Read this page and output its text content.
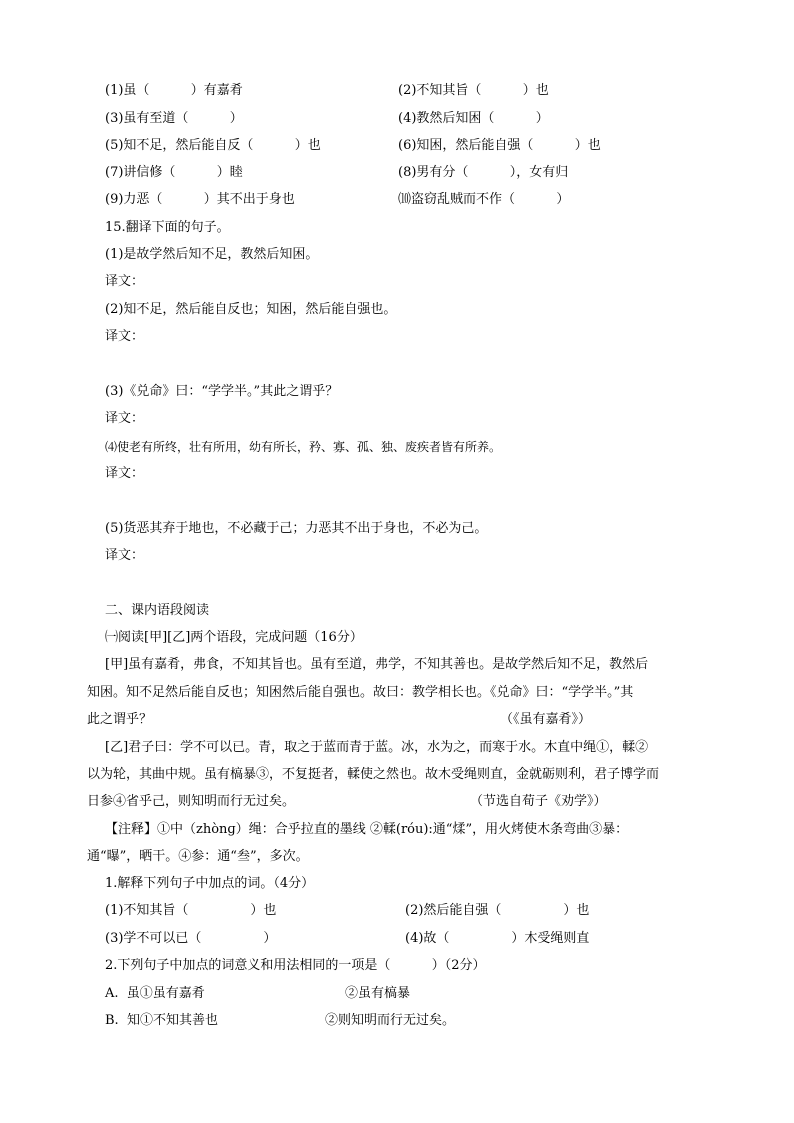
(1)虽（          ）有嘉肴	(2)不知其旨（          ）也
(3)虽有至道（          ）	(4)教然后知困（          ）
(5)知不足，然后能自反（          ）也	(6)知困，然后能自强（          ）也
(7)讲信修（          ）睦	(8)男有分（          ），女有归
(9)力恶（          ）其不出于身也	⑽盗窃乱贼而不作（          ）
15.翻译下面的句子。
(1)是故学然后知不足，教然后知困。
译文：
(2)知不足，然后能自反也；知困，然后能自强也。
译文：
(3)《兑命》曰：“学学半。”其此之谓乎？
译文：
⑷使老有所终，壮有所用，幼有所长，矜、寡、孤、独、废疾者皆有所养。
译文：
(5)货恶其弃于地也，不必藏于己；力恶其不出于身也，不必为己。
译文：
二、课内语段阅读
㈠阅读[甲][乙]两个语段，完成问题（16分）
[甲]虽有嘉肴，弗食，不知其旨也。虽有至道，弗学，不知其善也。是故学然后知不足，教然后
知困。知不足然后能自反也；知困然后能自强也。故曰：教学相长也。《兑命》曰：“学学半。”其
此之谓乎？	（《虽有嘉肴》）
[乙]君子曰：学不可以已。青，取之于蓝而青于蓝。冰，水为之，而寒于水。木直中绳①，輮②
以为轮，其曲中规。虽有槁暴③，不复挺者，輮使之然也。故木受绳则直，金就砺则利，君子博学而
日参④省乎己，则知明而行无过矣。	（节选自荀子《劝学》）
【注释】①中（zhònɡ）绳：合乎拉直的墨线 ②輮(róu):通“煣”，用火烤使木条弯曲③暴：
通“曝”，晒干。④参：通“叁”，多次。
1.解释下列句子中加点的词。（4分）
(1)不知其旨（               ）也	(2)然后能自强（               ）也
(3)学不可以已（               ）	(4)故（               ）木受绳则直
2.下列句子中加点的词意义和用法相同的一项是（          ）（2分）
A.  虽①虽有嘉肴	②虽有槁暴
B.  知①不知其善也	②则知明而行无过矣。
